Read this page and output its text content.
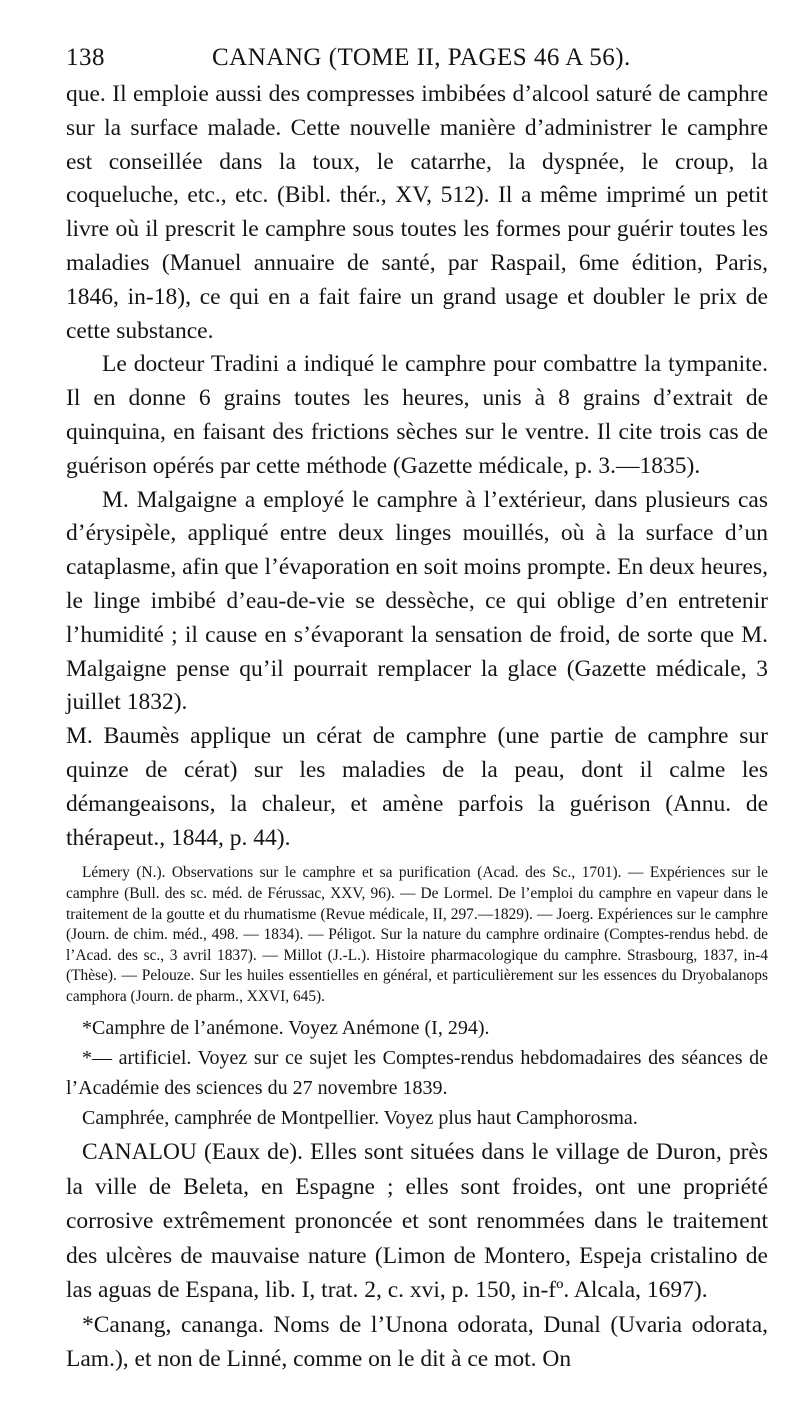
138	CANANG (TOME II, PAGES 46 A 56).

que. Il emploie aussi des compresses imbibées d’alcool saturé de camphre sur la surface malade. Cette nouvelle manière d’administrer le camphre est conseillée dans la toux, le catarrhe, la dyspnée, le croup, la coqueluche, etc., etc. (Bibl. thér., XV, 512). Il a même imprimé un petit livre où il prescrit le camphre sous toutes les formes pour guérir toutes les maladies (Manuel annuaire de santé, par Raspail, 6me édition, Paris, 1846, in-18), ce qui en a fait faire un grand usage et doubler le prix de cette substance.

Le docteur Tradini a indiqué le camphre pour combattre la tympanite. Il en donne 6 grains toutes les heures, unis à 8 grains d’extrait de quinquina, en faisant des frictions sèches sur le ventre. Il cite trois cas de guérison opérés par cette méthode (Gazette médicale, p. 3.—1835).

M. Malgaigne a employé le camphre à l’extérieur, dans plusieurs cas d’érysipèle, appliqué entre deux linges mouillés, où à la surface d’un cataplasme, afin que l’évaporation en soit moins prompte. En deux heures, le linge imbibé d’eau-de-vie se dessèche, ce qui oblige d’en entretenir l’humidité ; il cause en s’évaporant la sensation de froid, de sorte que M. Malgaigne pense qu’il pourrait remplacer la glace (Gazette médicale, 3 juillet 1832).

M. Baumès applique un cérat de camphre (une partie de camphre sur quinze de cérat) sur les maladies de la peau, dont il calme les démangeaisons, la chaleur, et amène parfois la guérison (Annu. de thérapeut., 1844, p. 44).

Lémery (N.). Observations sur le camphre et sa purification (Acad. des Sc., 1701). — Expériences sur le camphre (Bull. des sc. méd. de Férussac, XXV, 96). — De Lormel. De l’emploi du camphre en vapeur dans le traitement de la goutte et du rhumatisme (Revue médicale, II, 297.—1829). — Joerg. Expériences sur le camphre (Journ. de chim. méd., 498. — 1834). — Péligot. Sur la nature du camphre ordinaire (Comptes-rendus hebd. de l’Acad. des sc., 3 avril 1837). — Millot (J.-L.). Histoire pharmacologique du camphre. Strasbourg, 1837, in-4 (Thèse). — Pelouze. Sur les huiles essentielles en général, et particulièrement sur les essences du Dryobalanops camphora (Journ. de pharm., XXVI, 645).

*Camphre de l’anémone. Voyez Anémone (I, 294).

*— artificiel. Voyez sur ce sujet les Comptes-rendus hebdomadaires des séances de l’Académie des sciences du 27 novembre 1839.

Camphrée, camphrée de Montpellier. Voyez plus haut Camphorosma.

CANALOU (Eaux de). Elles sont situées dans le village de Duron, près la ville de Beleta, en Espagne ; elles sont froides, ont une propriété corrosive extrêmement prononcée et sont renommées dans le traitement des ulcères de mauvaise nature (Limon de Montero, Espeja cristalino de las aguas de Espana, lib. I, trat. 2, c. xvi, p. 150, in-fº. Alcala, 1697).

*Canang, cananga. Noms de l’Unona odorata, Dunal (Uvaria odorata, Lam.), et non de Linné, comme on le dit à ce mot. On
